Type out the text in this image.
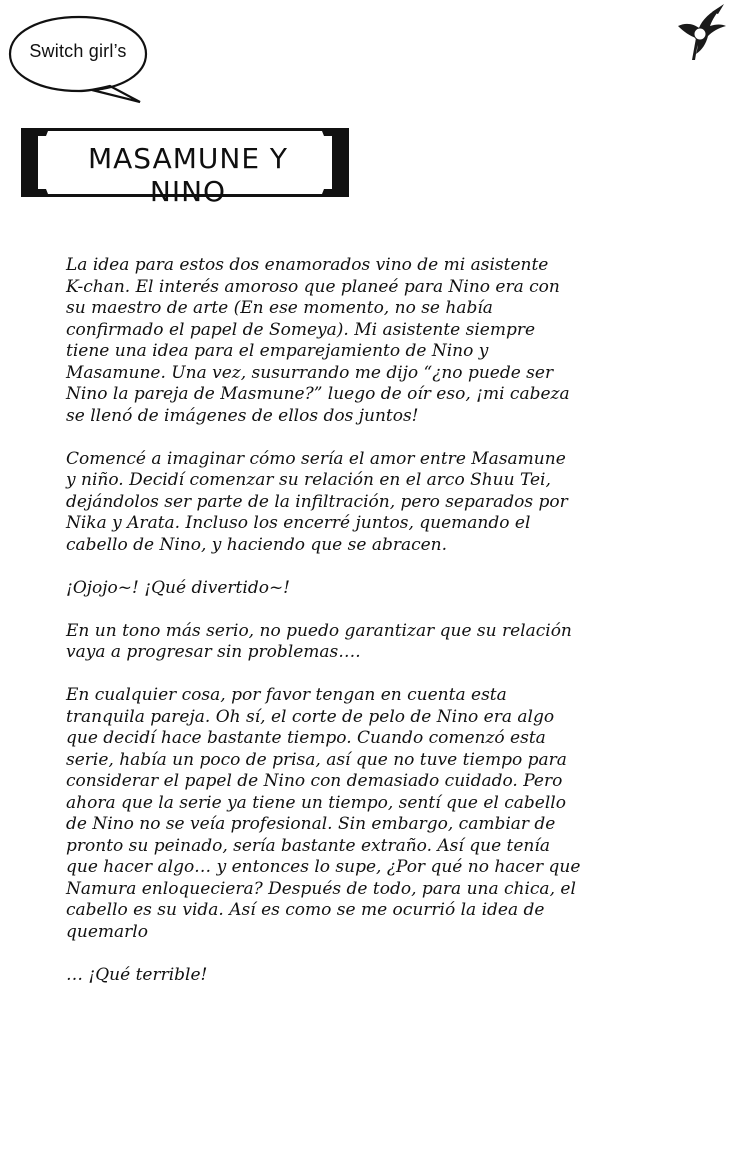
Switch girl’s
MASAMUNE Y NINO

La idea para estos dos enamorados vino de mi asistente
K-chan. El interés amoroso que planeé para Nino era con
su maestro de arte (En ese momento, no se había
confirmado el papel de Someya). Mi asistente siempre
tiene una idea para el emparejamiento de Nino y
Masamune. Una vez, susurrando me dijo “¿no puede ser
Nino la pareja de Masmune?” luego de oír eso, ¡mi cabeza
se llenó de imágenes de ellos dos juntos!

Comencé a imaginar cómo sería el amor entre Masamune
y niño. Decidí comenzar su relación en el arco Shuu Tei,
dejándolos ser parte de la infiltración, pero separados por
Nika y Arata. Incluso los encerré juntos, quemando el
cabello de Nino, y haciendo que se abracen.

¡Ojojo~! ¡Qué divertido~!

En un tono más serio, no puedo garantizar que su relación
vaya a progresar sin problemas….

En cualquier cosa, por favor tengan en cuenta esta
tranquila pareja. Oh sí, el corte de pelo de Nino era algo
que decidí hace bastante tiempo. Cuando comenzó esta
serie, había un poco de prisa, así que no tuve tiempo para
considerar el papel de Nino con demasiado cuidado. Pero
ahora que la serie ya tiene un tiempo, sentí que el cabello
de Nino no se veía profesional. Sin embargo, cambiar de
pronto su peinado, sería bastante extraño. Así que tenía
que hacer algo… y entonces lo supe, ¿Por qué no hacer que
Namura enloqueciera? Después de todo, para una chica, el
cabello es su vida. Así es como se me ocurrió la idea de
quemarlo

… ¡Qué terrible!
